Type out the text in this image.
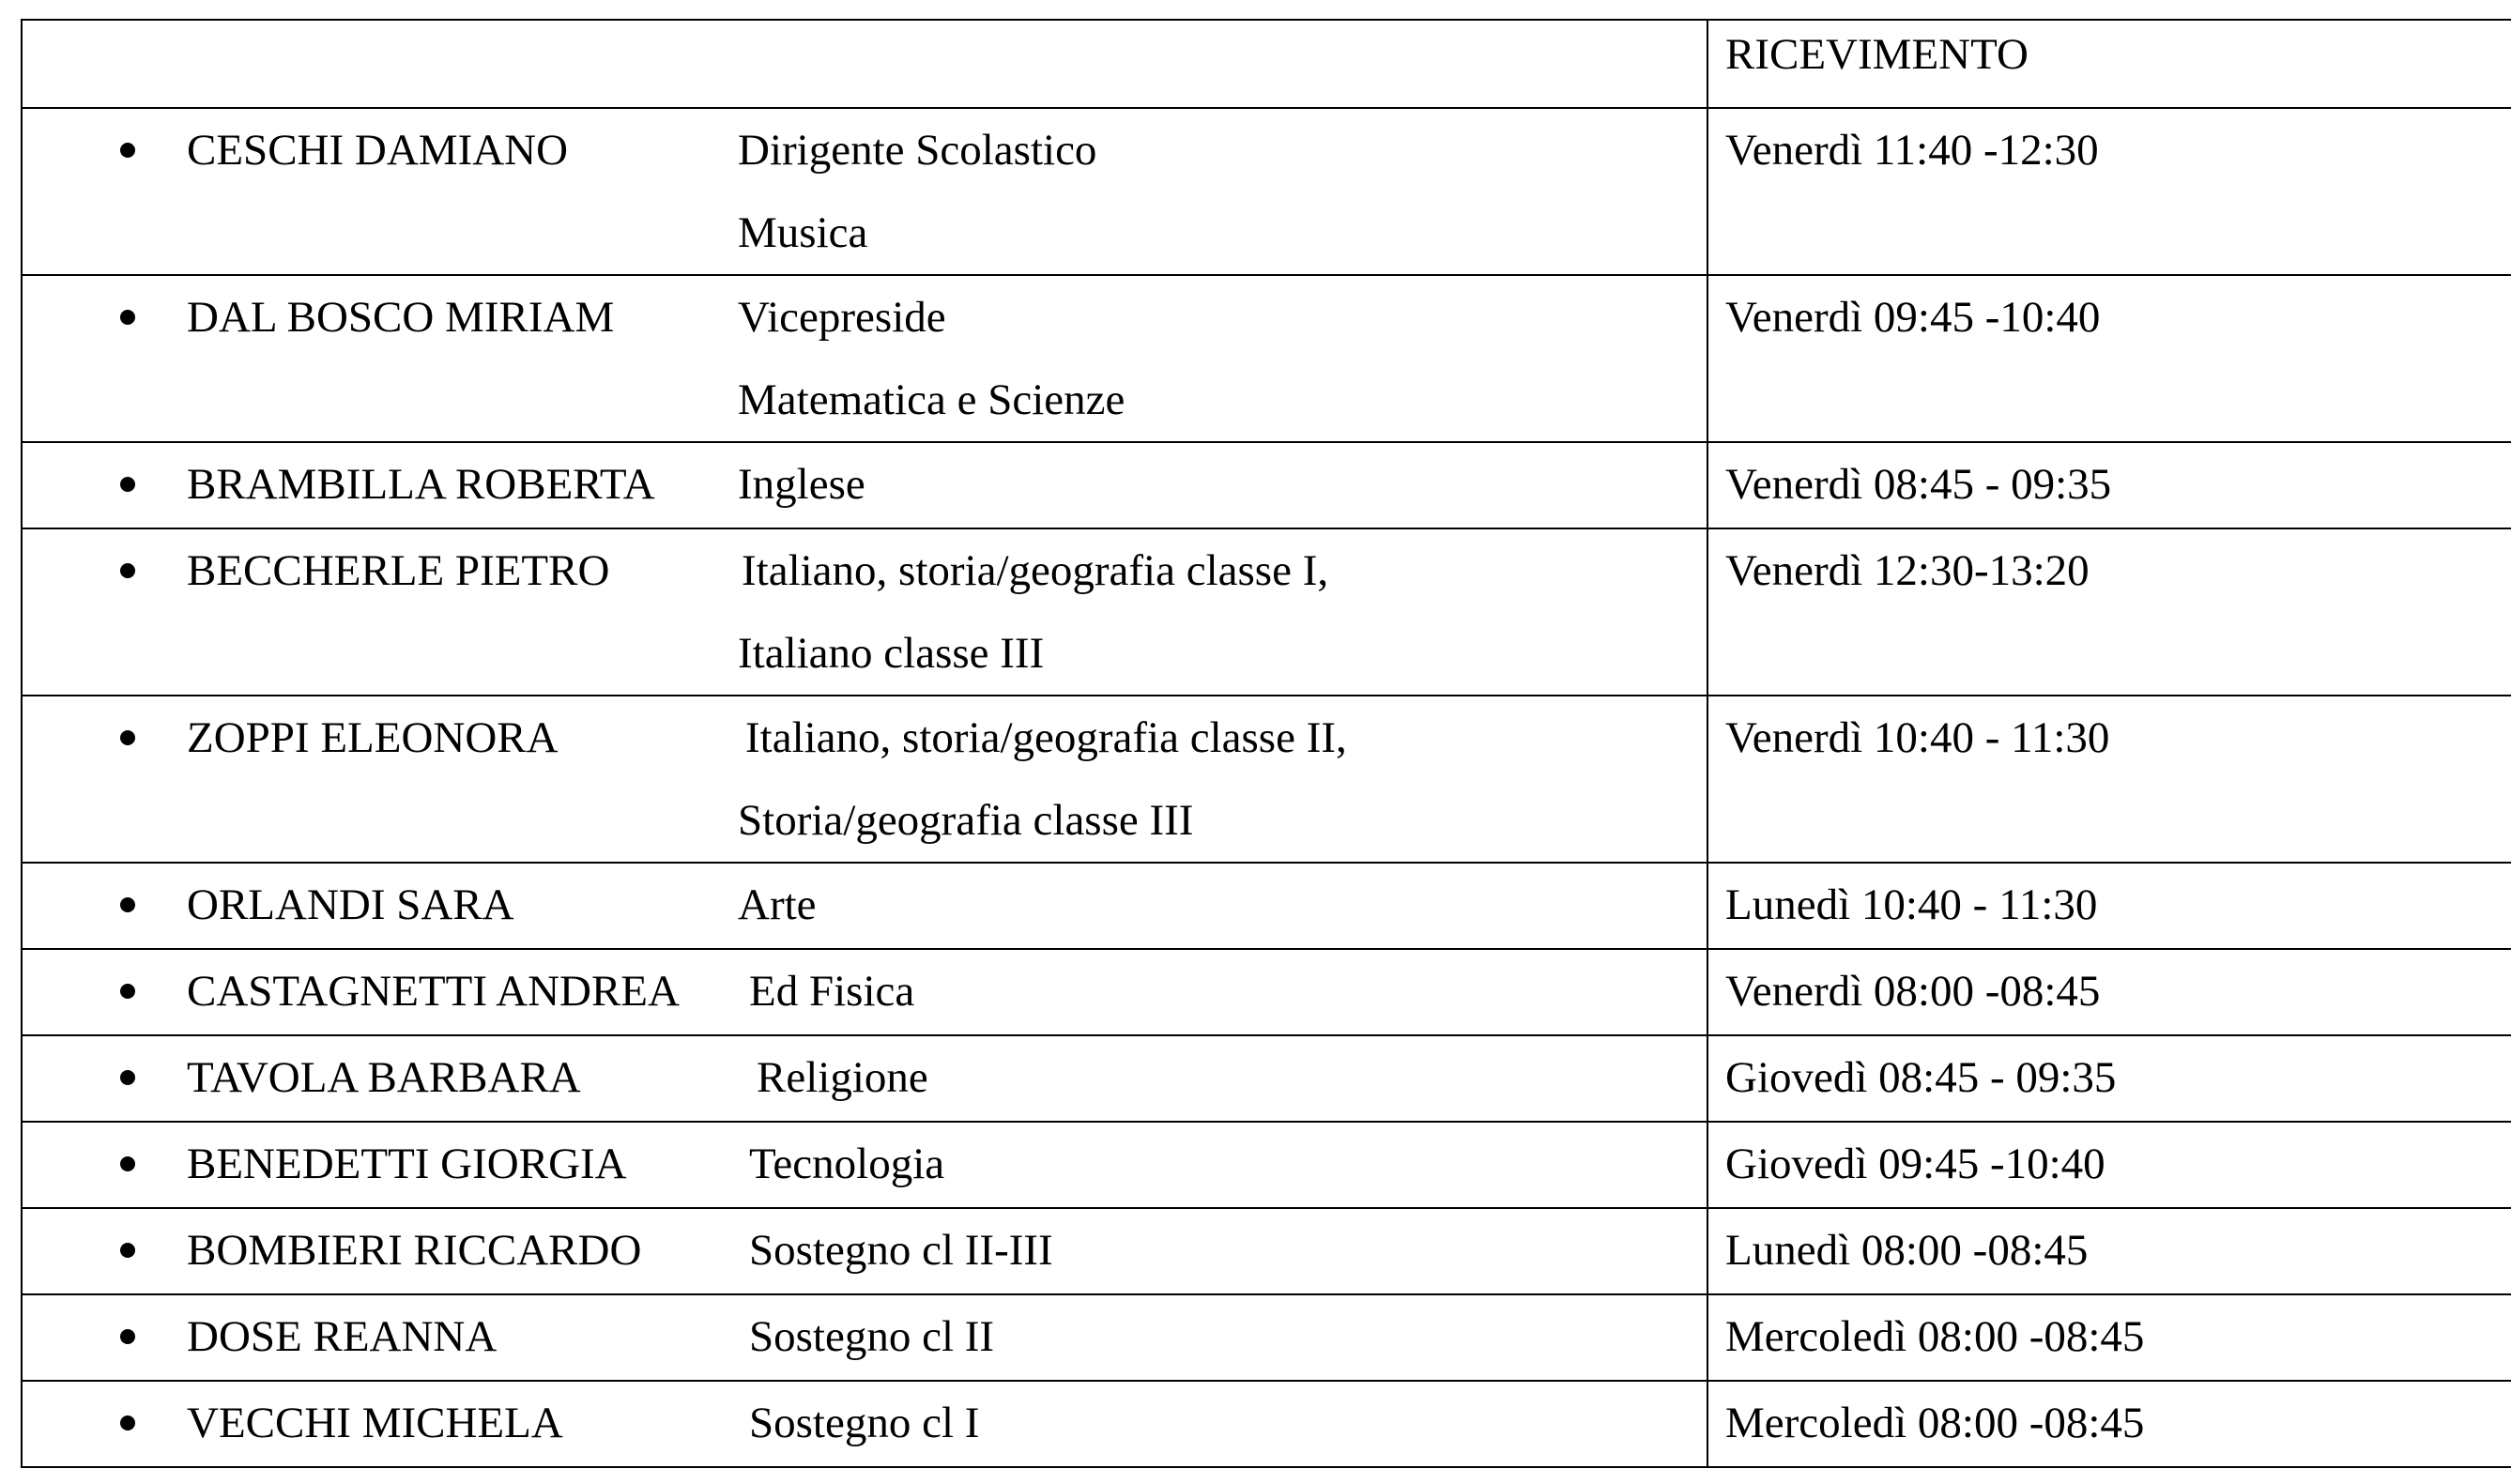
	RICEVIMENTO

CESCHI DAMIANO Dirigente Scolastico
Musica	Venerdì 11:40 -12:30

DAL BOSCO MIRIAM Vicepreside
Matematica e Scienze	Venerdì 09:45 -10:40

BRAMBILLA ROBERTA Inglese	Venerdì 08:45 - 09:35

BECCHERLE PIETRO Italiano, storia/geografia classe I,
Italiano classe III	Venerdì 12:30-13:20

ZOPPI ELEONORA Italiano, storia/geografia classe II,
Storia/geografia classe III	Venerdì 10:40 - 11:30

ORLANDI SARA Arte	Lunedì 10:40 - 11:30

CASTAGNETTI ANDREA Ed Fisica	Venerdì 08:00 -08:45

TAVOLA BARBARA Religione	Giovedì 08:45 - 09:35

BENEDETTI GIORGIA Tecnologia	Giovedì 09:45 -10:40

BOMBIERI RICCARDO Sostegno cl II-III	Lunedì 08:00 -08:45

DOSE REANNA Sostegno cl II	Mercoledì 08:00 -08:45

VECCHI MICHELA Sostegno cl I	Mercoledì 08:00 -08:45
